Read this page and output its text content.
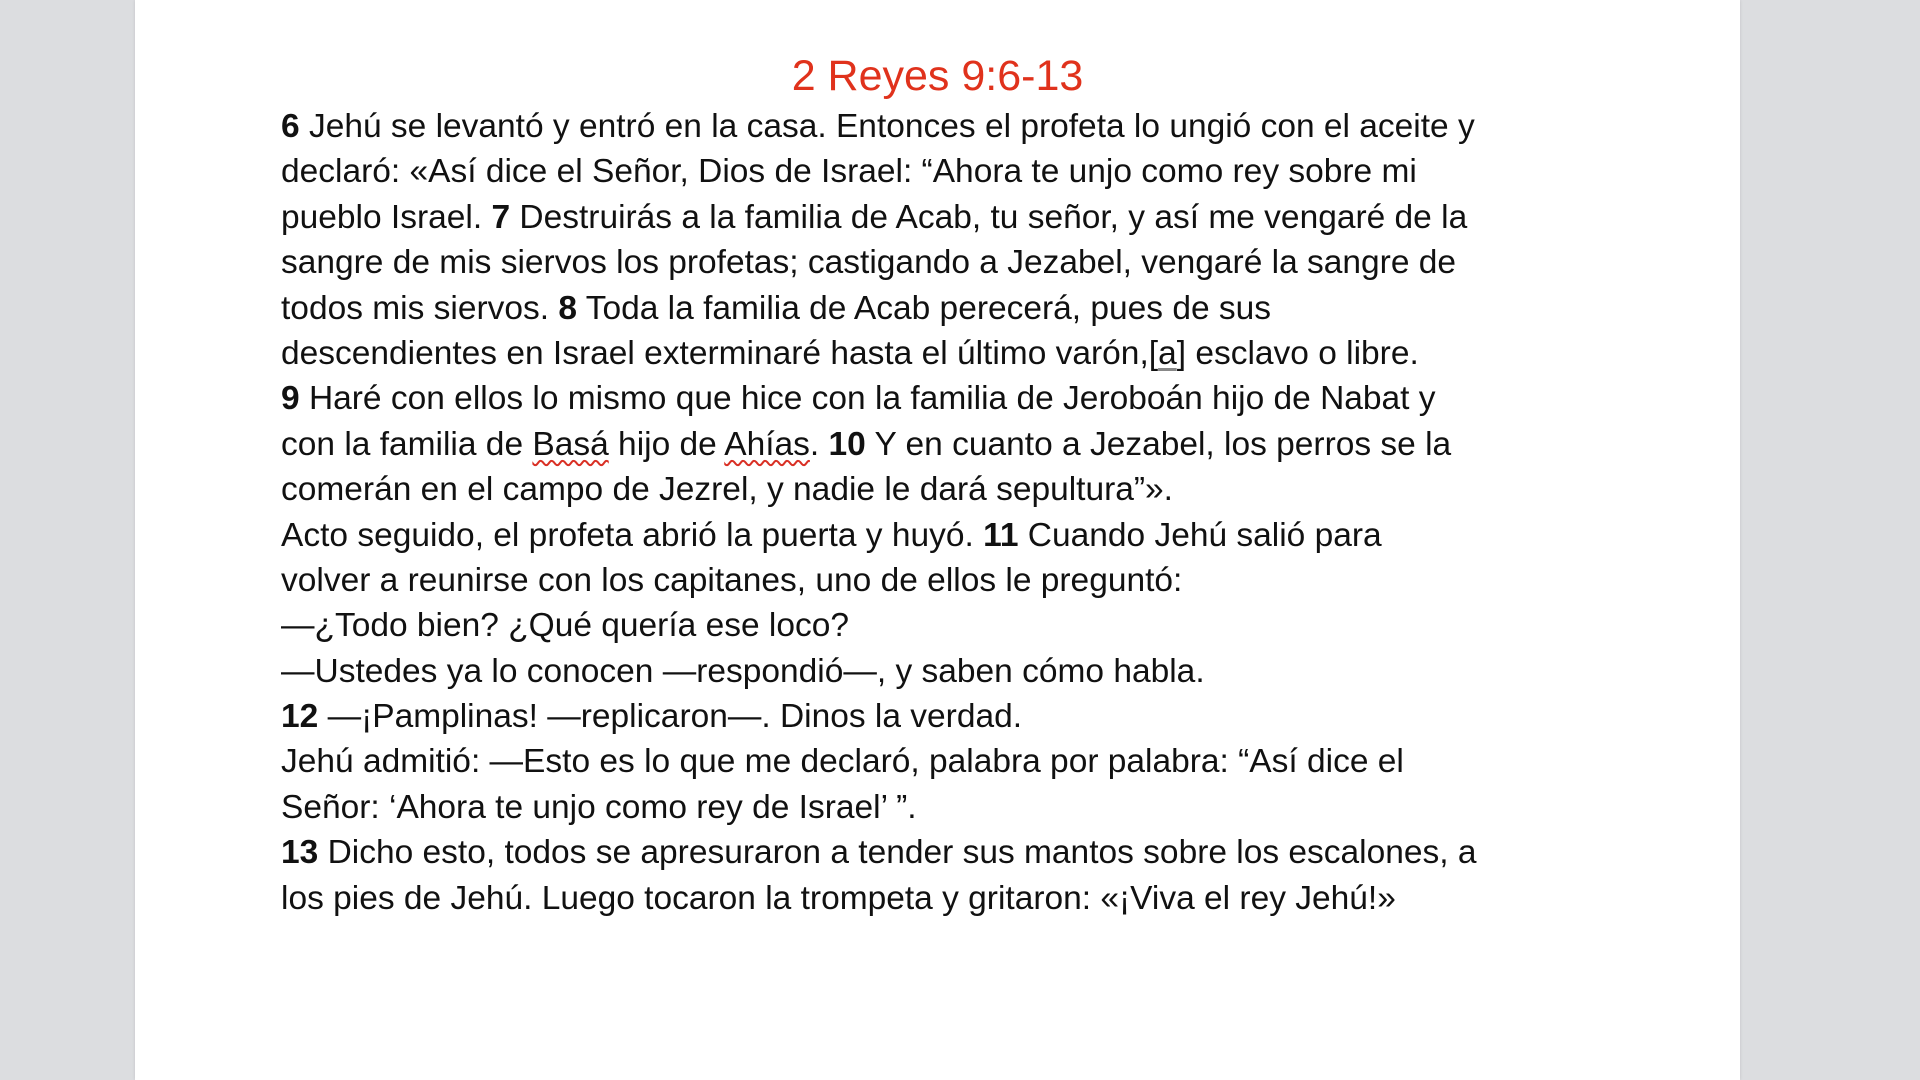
2 Reyes 9:6-13
6 Jehú se levantó y entró en la casa. Entonces el profeta lo ungió con el aceite y
declaró: «Así dice el Señor, Dios de Israel: “Ahora te unjo como rey sobre mi
pueblo Israel. 7 Destruirás a la familia de Acab, tu señor, y así me vengaré de la
sangre de mis siervos los profetas; castigando a Jezabel, vengaré la sangre de
todos mis siervos. 8 Toda la familia de Acab perecerá, pues de sus
descendientes en Israel exterminaré hasta el último varón,[a] esclavo o libre.
9 Haré con ellos lo mismo que hice con la familia de Jeroboán hijo de Nabat y
con la familia de Basá hijo de Ahías. 10 Y en cuanto a Jezabel, los perros se la
comerán en el campo de Jezrel, y nadie le dará sepultura”».
Acto seguido, el profeta abrió la puerta y huyó. 11 Cuando Jehú salió para
volver a reunirse con los capitanes, uno de ellos le preguntó:
—¿Todo bien? ¿Qué quería ese loco?
—Ustedes ya lo conocen —respondió—, y saben cómo habla.
12 —¡Pamplinas! —replicaron—. Dinos la verdad.
Jehú admitió: —Esto es lo que me declaró, palabra por palabra: “Así dice el
Señor: ‘Ahora te unjo como rey de Israel’ ”.
13 Dicho esto, todos se apresuraron a tender sus mantos sobre los escalones, a
los pies de Jehú. Luego tocaron la trompeta y gritaron: «¡Viva el rey Jehú!»
